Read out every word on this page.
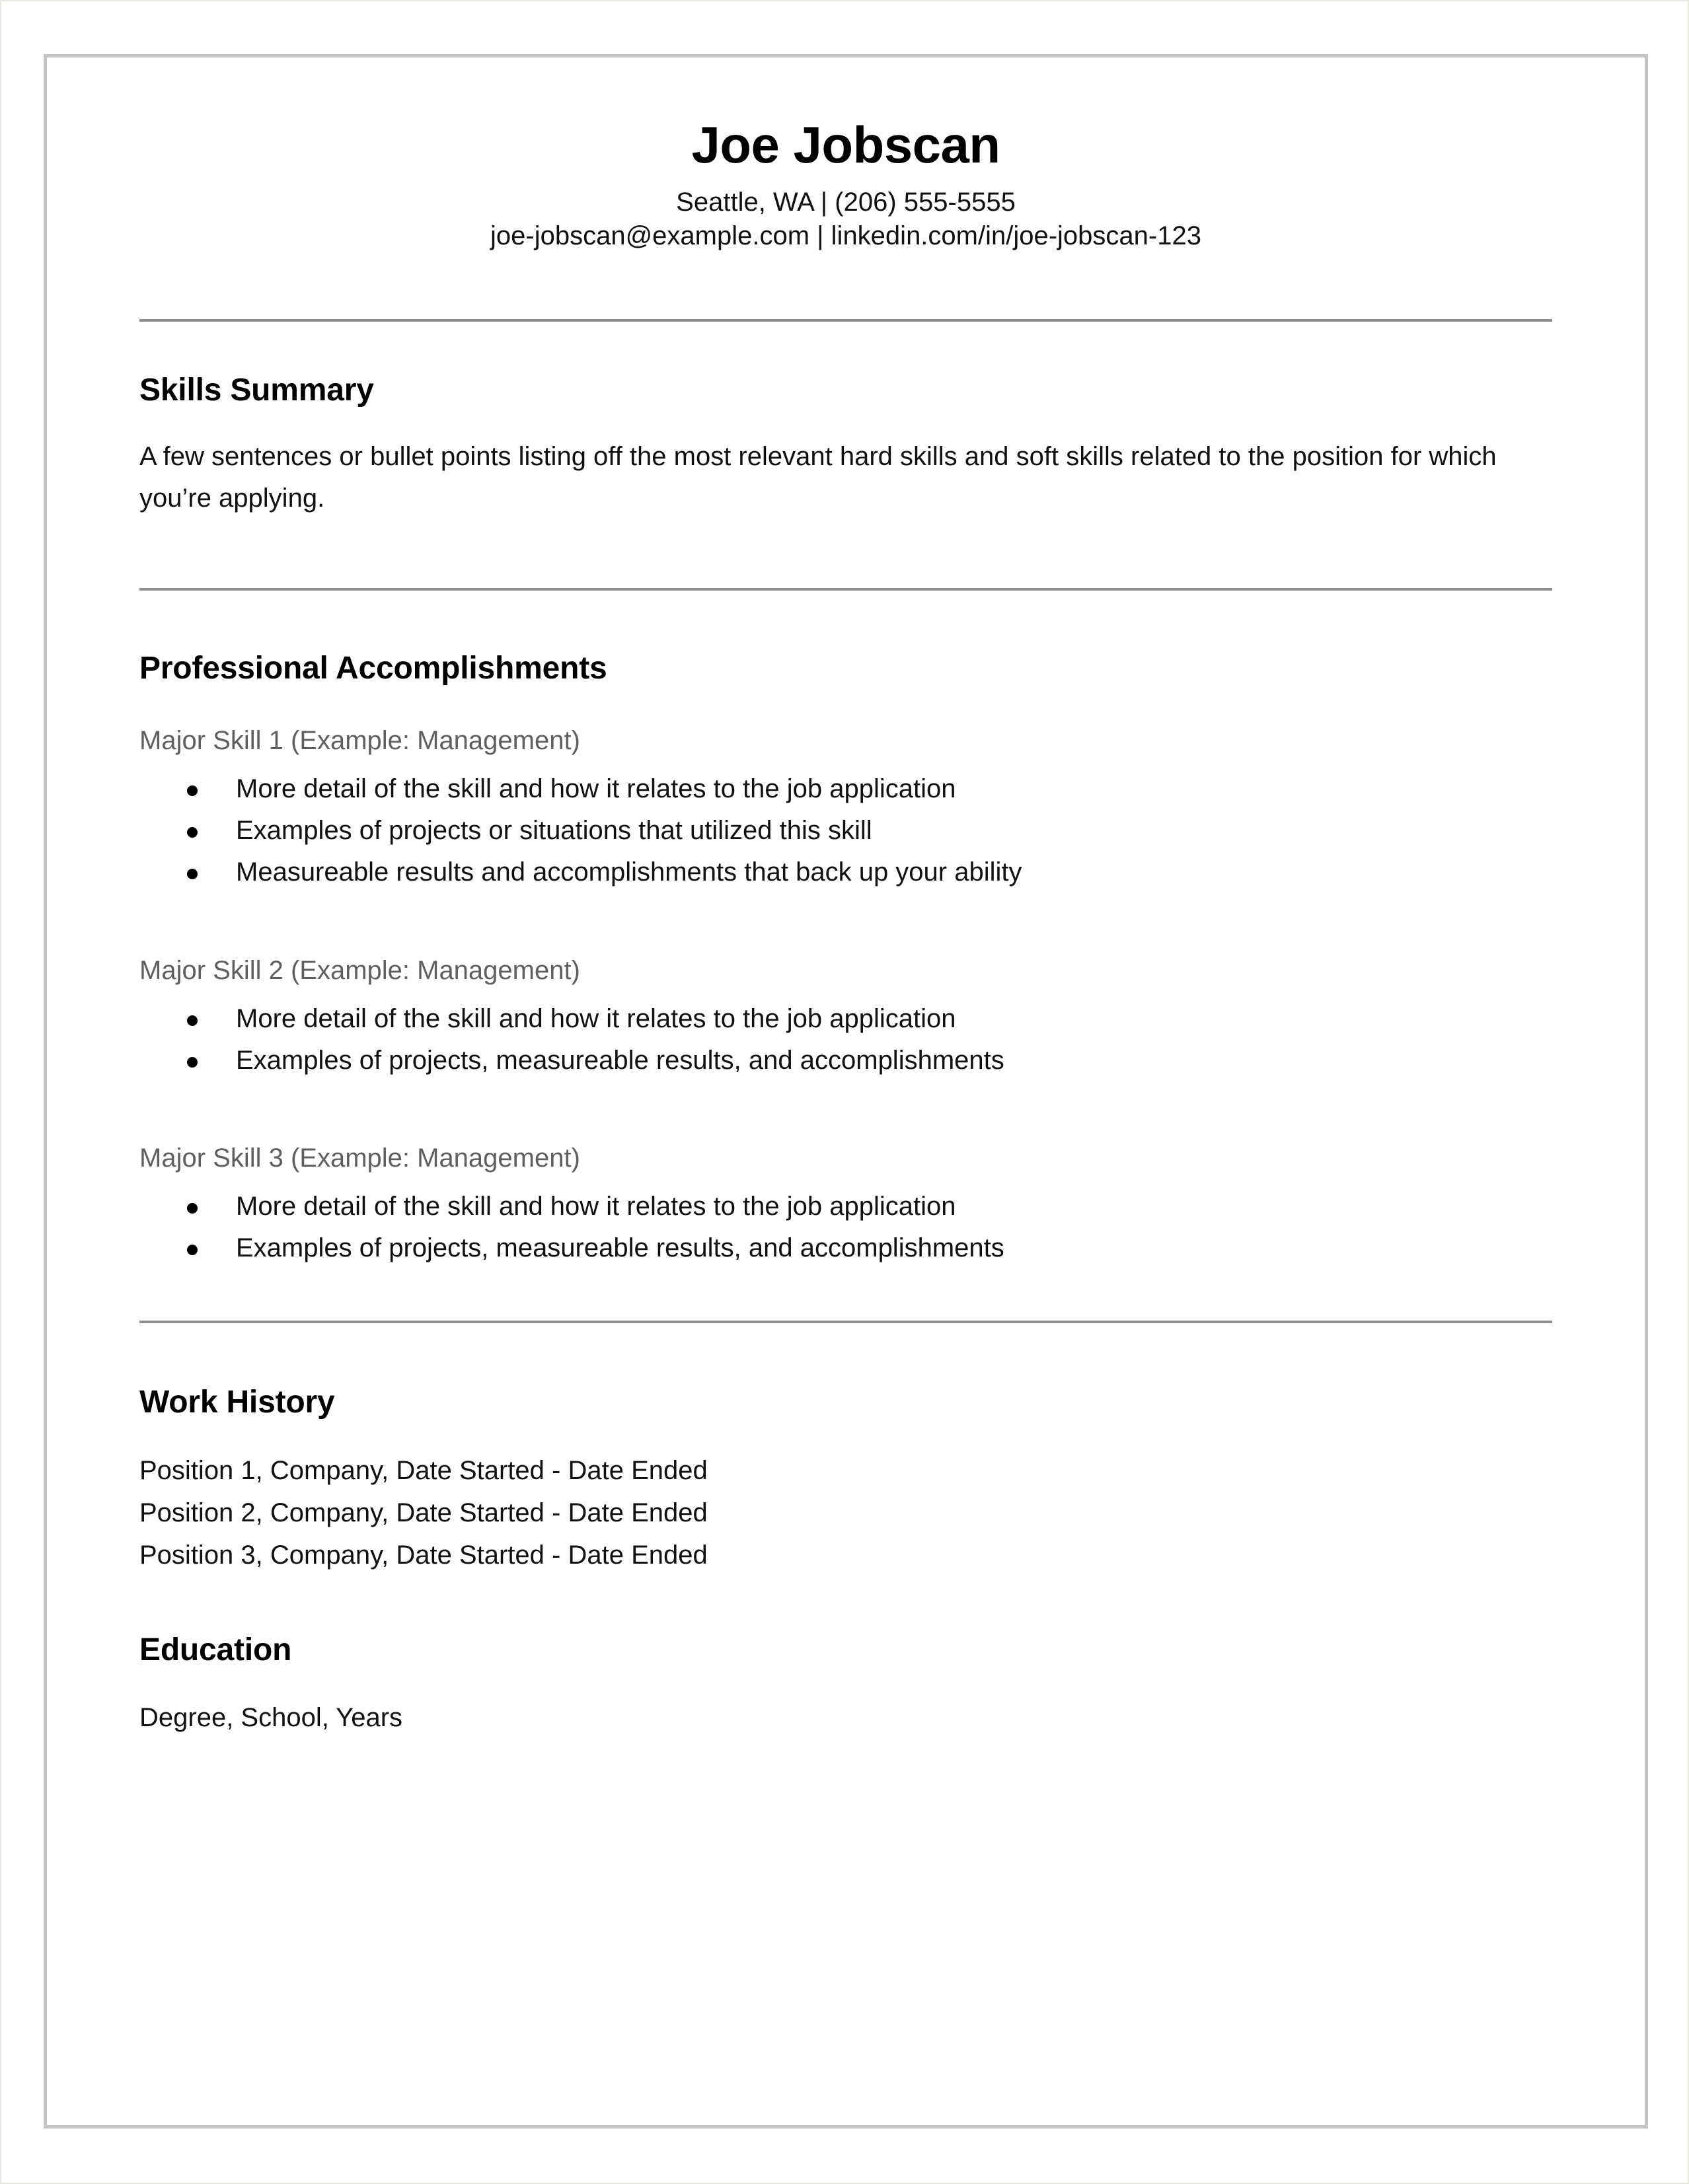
Joe Jobscan

Seattle, WA | (206) 555-5555

joe-jobscan@example.com | linkedin.com/in/joe-jobscan-123

Skills Summary

A few sentences or bullet points listing off the most relevant hard skills and soft skills related to the position for which you’re applying.

Professional Accomplishments

Major Skill 1 (Example: Management)

More detail of the skill and how it relates to the job application
Examples of projects or situations that utilized this skill
Measureable results and accomplishments that back up your ability

Major Skill 2 (Example: Management)

More detail of the skill and how it relates to the job application
Examples of projects, measureable results, and accomplishments

Major Skill 3 (Example: Management)

More detail of the skill and how it relates to the job application
Examples of projects, measureable results, and accomplishments
Work History
Position 1, Company, Date Started - Date Ended
Position 2, Company, Date Started - Date Ended
Position 3, Company, Date Started - Date Ended
Education

Degree, School, Years
